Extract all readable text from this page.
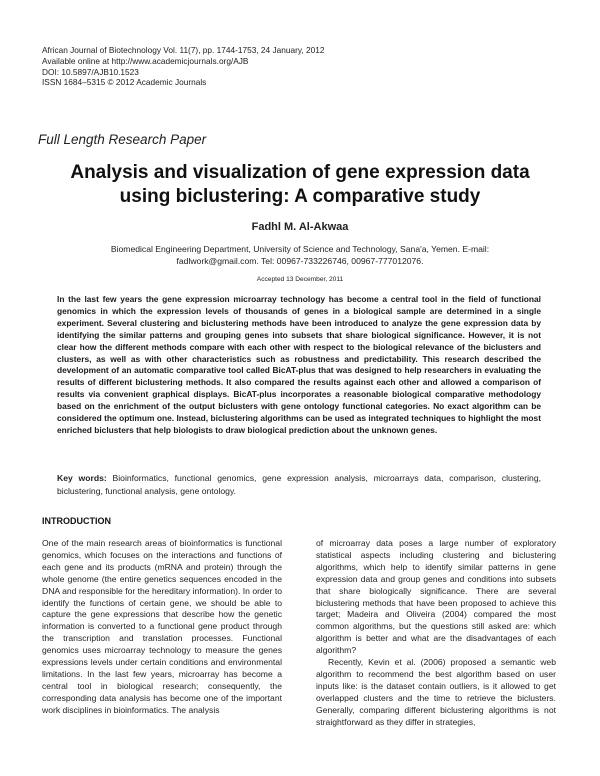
African Journal of Biotechnology Vol. 11(7), pp. 1744-1753, 24 January, 2012
Available online at http://www.academicjournals.org/AJB
DOI: 10.5897/AJB10.1523
ISSN 1684–5315 © 2012 Academic Journals
Full Length Research Paper
Analysis and visualization of gene expression data
using biclustering: A comparative study
Fadhl M. Al-Akwaa
Biomedical Engineering Department, University of Science and Technology, Sana'a, Yemen. E-mail: fadlwork@gmail.com. Tel: 00967-733226746, 00967-777012076.
Accepted 13 December, 2011
In the last few years the gene expression microarray technology has become a central tool in the field of functional genomics in which the expression levels of thousands of genes in a biological sample are determined in a single experiment. Several clustering and biclustering methods have been introduced to analyze the gene expression data by identifying the similar patterns and grouping genes into subsets that share biological significance. However, it is not clear how the different methods compare with each other with respect to the biological relevance of the biclusters and clusters, as well as with other characteristics such as robustness and predictability. This research described the development of an automatic comparative tool called BicAT-plus that was designed to help researchers in evaluating the results of different biclustering methods. It also compared the results against each other and allowed a comparison of results via convenient graphical displays. BicAT-plus incorporates a reasonable biological comparative methodology based on the enrichment of the output biclusters with gene ontology functional categories. No exact algorithm can be considered the optimum one. Instead, biclustering algorithms can be used as integrated techniques to highlight the most enriched biclusters that help biologists to draw biological prediction about the unknown genes.
Key words: Bioinformatics, functional genomics, gene expression analysis, microarrays data, comparison, clustering, biclustering, functional analysis, gene ontology.
INTRODUCTION

One of the main research areas of bioinformatics is functional genomics, which focuses on the interactions and functions of each gene and its products (mRNA and protein) through the whole genome (the entire genetics sequences encoded in the DNA and responsible for the hereditary information). In order to identify the functions of certain gene, we should be able to capture the gene expressions that describe how the genetic information is converted to a functional gene product through the transcription and translation processes. Functional genomics uses microarray technology to measure the genes expressions levels under certain conditions and environmental limitations. In the last few years, microarray has become a central tool in biological research; consequently, the corresponding data analysis has become one of the important work disciplines in bioinformatics. The analysis

of microarray data poses a large number of exploratory statistical aspects including clustering and biclustering algorithms, which help to identify similar patterns in gene expression data and group genes and conditions into subsets that share biologically significance. There are several biclustering methods that have been proposed to achieve this target; Madeira and Oliveira (2004) compared the most common algorithms, but the questions still asked are: which algorithm is better and what are the disadvantages of each algorithm?

Recently, Kevin et al. (2006) proposed a semantic web algorithm to recommend the best algorithm based on user inputs like: is the dataset contain outliers, is it allowed to get overlapped clusters and the time to retrieve the biclusters. Generally, comparing different biclustering algorithms is not straightforward as they differ in strategies,
